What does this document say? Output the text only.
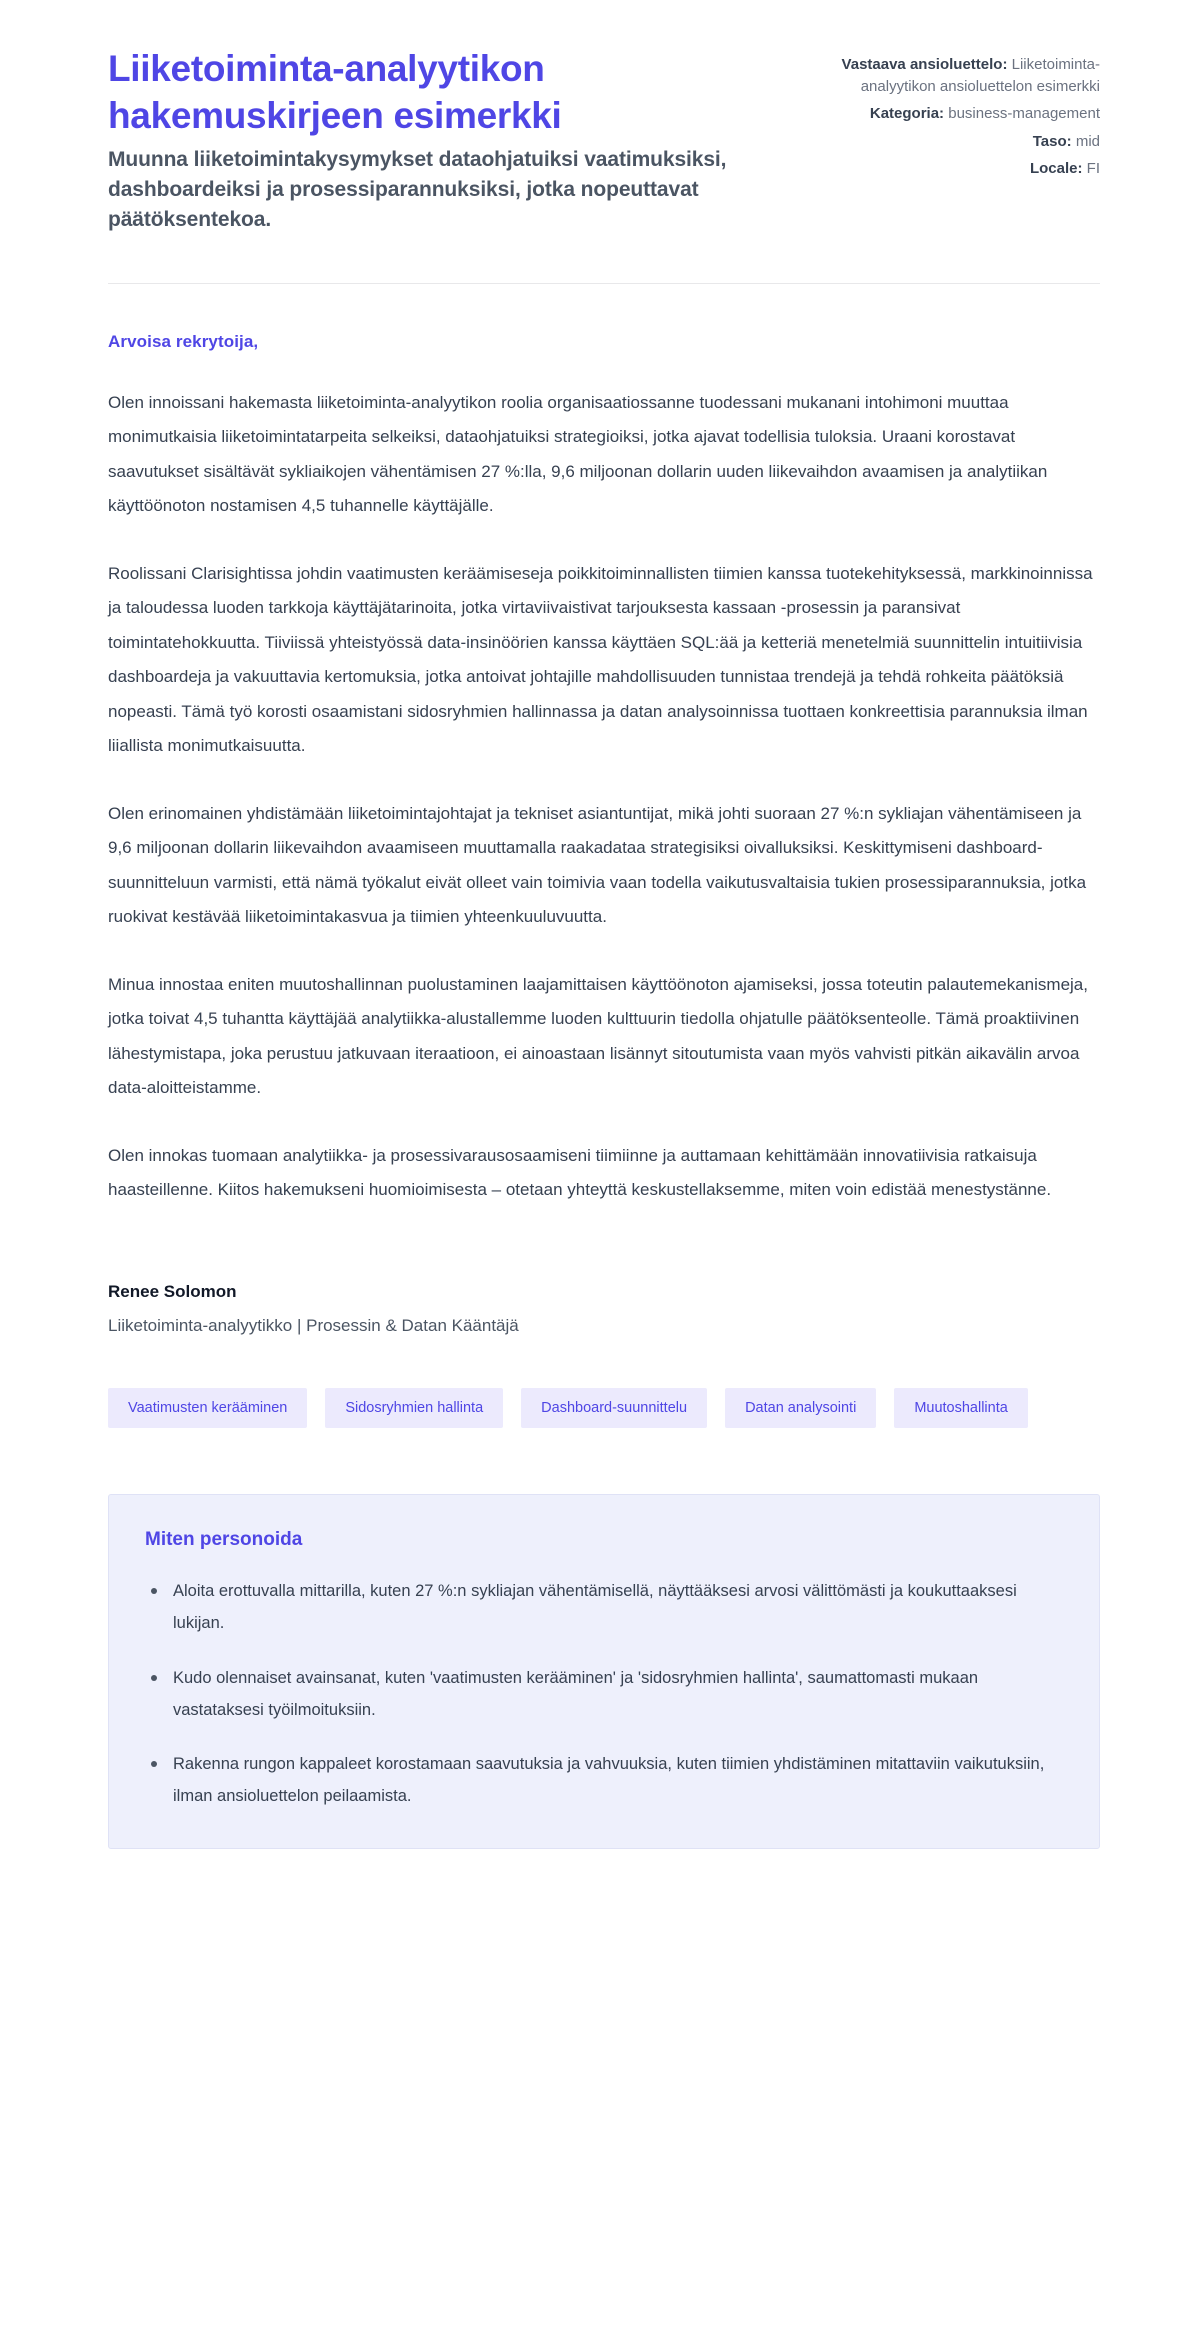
Liiketoiminta-analyytikon hakemuskirjeen esimerkki

Muunna liiketoimintakysymykset dataohjatuiksi vaatimuksiksi, dashboardeiksi ja prosessiparannuksiksi, jotka nopeuttavat päätöksentekoa.

Vastaava ansioluettelo: Liiketoiminta-analyytikon ansioluettelon esimerkki
Kategoria: business-management
Taso: mid
Locale: FI

Arvoisa rekrytoija,

Olen innoissani hakemasta liiketoiminta-analyytikon roolia organisaatiossanne tuodessani mukanani intohimoni muuttaa monimutkaisia liiketoimintatarpeita selkeiksi, dataohjatuiksi strategioiksi, jotka ajavat todellisia tuloksia. Uraani korostavat saavutukset sisältävät sykliaikojen vähentämisen 27 %:lla, 9,6 miljoonan dollarin uuden liikevaihdon avaamisen ja analytiikan käyttöönoton nostamisen 4,5 tuhannelle käyttäjälle.

Roolissani Clarisightissa johdin vaatimusten keräämiseseja poikkitoiminnallisten tiimien kanssa tuotekehityksessä, markkinoinnissa ja taloudessa luoden tarkkoja käyttäjätarinoita, jotka virtaviivaistivat tarjouksesta kassaan -prosessin ja paransivat toimintatehokkuutta. Tiiviissä yhteistyössä data-insinöörien kanssa käyttäen SQL:ää ja ketteriä menetelmiä suunnittelin intuitiivisia dashboardeja ja vakuuttavia kertomuksia, jotka antoivat johtajille mahdollisuuden tunnistaa trendejä ja tehdä rohkeita päätöksiä nopeasti. Tämä työ korosti osaamistani sidosryhmien hallinnassa ja datan analysoinnissa tuottaen konkreettisia parannuksia ilman liiallista monimutkaisuutta.

Olen erinomainen yhdistämään liiketoimintajohtajat ja tekniset asiantuntijat, mikä johti suoraan 27 %:n sykliajan vähentämiseen ja 9,6 miljoonan dollarin liikevaihdon avaamiseen muuttamalla raakadataa strategisiksi oivalluksiksi. Keskittymiseni dashboard-suunnitteluun varmisti, että nämä työkalut eivät olleet vain toimivia vaan todella vaikutusvaltaisia tukien prosessiparannuksia, jotka ruokivat kestävää liiketoimintakasvua ja tiimien yhteenkuuluvuutta.

Minua innostaa eniten muutoshallinnan puolustaminen laajamittaisen käyttöönoton ajamiseksi, jossa toteutin palautemekanismeja, jotka toivat 4,5 tuhantta käyttäjää analytiikka-alustallemme luoden kulttuurin tiedolla ohjatulle päätöksenteolle. Tämä proaktiivinen lähestymistapa, joka perustuu jatkuvaan iteraatioon, ei ainoastaan lisännyt sitoutumista vaan myös vahvisti pitkän aikavälin arvoa data-aloitteistamme.

Olen innokas tuomaan analytiikka- ja prosessivarausosaamiseni tiimiinne ja auttamaan kehittämään innovatiivisia ratkaisuja haasteillenne. Kiitos hakemukseni huomioimisesta – otetaan yhteyttä keskustellaksemme, miten voin edistää menestystänne.

Renee Solomon

Liiketoiminta-analyytikko | Prosessin & Datan Kääntäjä

Vaatimusten kerääminen	Sidosryhmien hallinta	Dashboard-suunnittelu	Datan analysointi	Muutoshallinta

Miten personoida

Aloita erottuvalla mittarilla, kuten 27 %:n sykliajan vähentämisellä, näyttääksesi arvosi välittömästi ja koukuttaaksesi lukijan.
Kudo olennaiset avainsanat, kuten 'vaatimusten kerääminen' ja 'sidosryhmien hallinta', saumattomasti mukaan vastataksesi työilmoituksiin.
Rakenna rungon kappaleet korostamaan saavutuksia ja vahvuuksia, kuten tiimien yhdistäminen mitattaviin vaikutuksiin, ilman ansioluettelon peilaamista.
